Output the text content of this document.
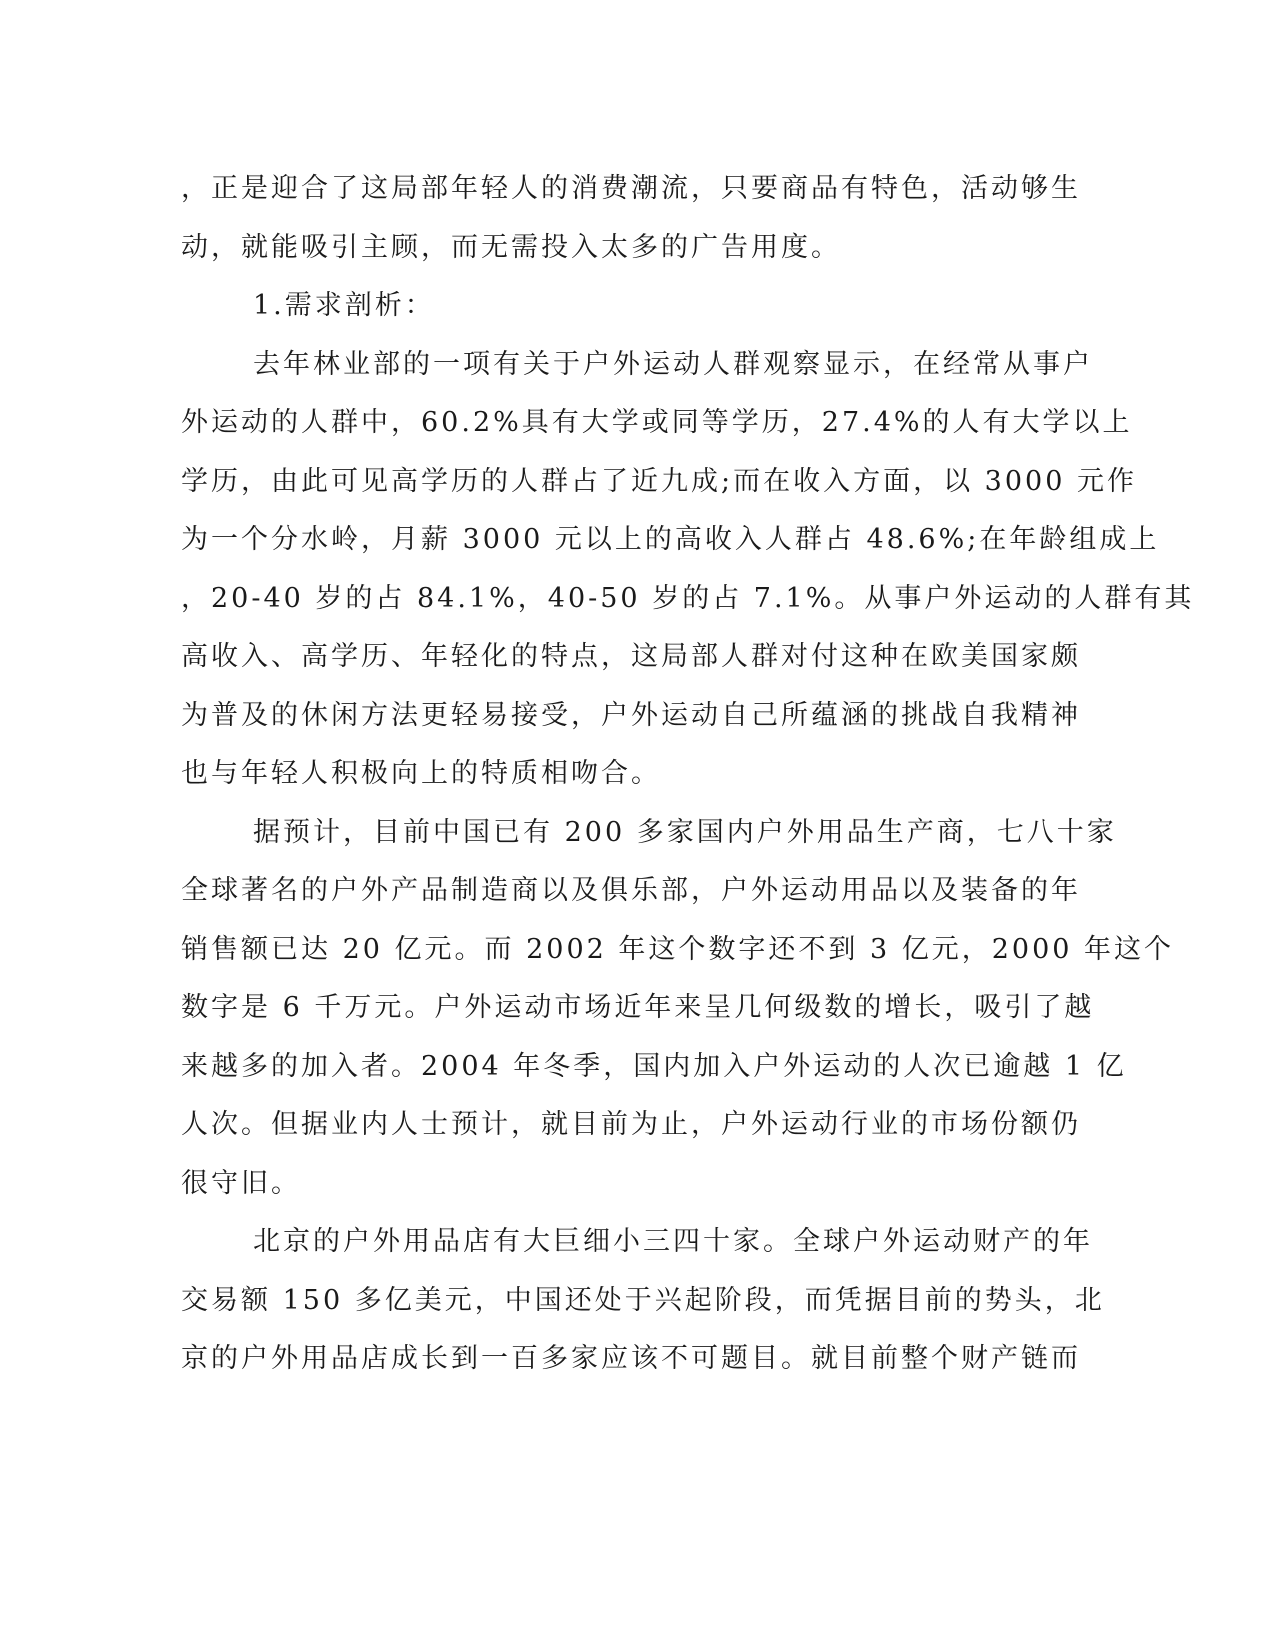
，正是迎合了这局部年轻人的消费潮流，只要商品有特色，活动够生
动，就能吸引主顾，而无需投入太多的广告用度。
1.需求剖析：
去年林业部的一项有关于户外运动人群观察显示，在经常从事户
外运动的人群中，60.2%具有大学或同等学历，27.4%的人有大学以上
学历，由此可见高学历的人群占了近九成;而在收入方面，以 3000 元作
为一个分水岭，月薪 3000 元以上的高收入人群占 48.6%;在年龄组成上
，20-40 岁的占 84.1%，40-50 岁的占 7.1%。从事户外运动的人群有其
高收入、高学历、年轻化的特点，这局部人群对付这种在欧美国家颇
为普及的休闲方法更轻易接受，户外运动自己所蕴涵的挑战自我精神
也与年轻人积极向上的特质相吻合。
据预计，目前中国已有 200 多家国内户外用品生产商，七八十家
全球著名的户外产品制造商以及俱乐部，户外运动用品以及装备的年
销售额已达 20 亿元。而 2002 年这个数字还不到 3 亿元，2000 年这个
数字是 6 千万元。户外运动市场近年来呈几何级数的增长，吸引了越
来越多的加入者。2004 年冬季，国内加入户外运动的人次已逾越 1 亿
人次。但据业内人士预计，就目前为止，户外运动行业的市场份额仍
很守旧。
北京的户外用品店有大巨细小三四十家。全球户外运动财产的年
交易额 150 多亿美元，中国还处于兴起阶段，而凭据目前的势头，北
京的户外用品店成长到一百多家应该不可题目。就目前整个财产链而
